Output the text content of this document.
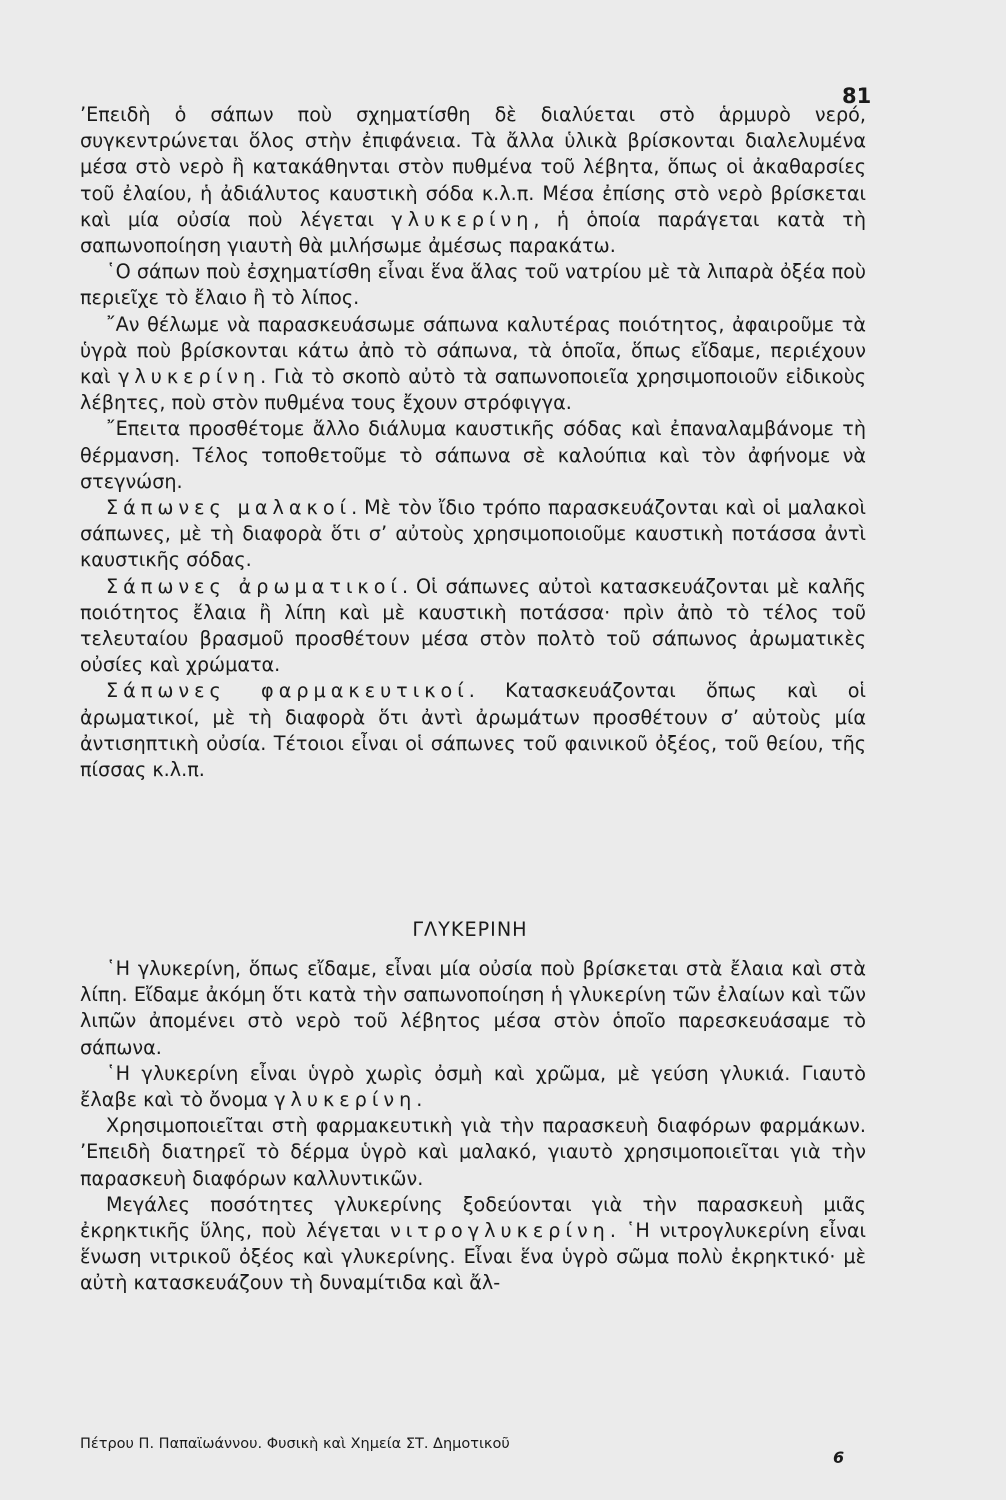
81

’Επειδὴ ὁ σάπων ποὺ σχηματίσθη δὲ διαλύεται στὸ ἁρμυρὸ νερό, συγκεντρώνεται ὅλος στὴν ἐπιφάνεια. Τὰ ἄλλα ὑλικὰ βρίσκονται διαλελυμένα μέσα στὸ νερὸ ἢ κατακάθηνται στὸν πυθμένα τοῦ λέβητα, ὅπως οἱ ἀκαθαρσίες τοῦ ἐλαίου, ἡ ἀδιάλυτος καυστικὴ σόδα κ.λ.π. Μέσα ἐπίσης στὸ νερὸ βρίσκεται καὶ μία οὐσία ποὺ λέγεται γλυκερίνη, ἡ ὁποία παράγεται κατὰ τὴ σαπωνοποίηση γιαυτὴ θὰ μιλήσωμε ἀμέσως παρακάτω.

῾Ο σάπων ποὺ ἐσχηματίσθη εἶναι ἕνα ἅλας τοῦ νατρίου μὲ τὰ λιπαρὰ ὀξέα ποὺ περιεῖχε τὸ ἔλαιο ἢ τὸ λίπος.

῎Αν θέλωμε νὰ παρασκευάσωμε σάπωνα καλυτέρας ποιότητος, ἀφαιροῦμε τὰ ὑγρὰ ποὺ βρίσκονται κάτω ἀπὸ τὸ σάπωνα, τὰ ὁποῖα, ὅπως εἴδαμε, περιέχουν καὶ γλυκερίνη. Γιὰ τὸ σκοπὸ αὐτὸ τὰ σαπωνοποιεῖα χρησιμοποιοῦν εἰδικοὺς λέβητες, ποὺ στὸν πυθμένα τους ἔχουν στρόφιγγα.

῎Επειτα προσθέτομε ἄλλο διάλυμα καυστικῆς σόδας καὶ ἐπαναλαμβάνομε τὴ θέρμανση. Τέλος τοποθετοῦμε τὸ σάπωνα σὲ καλούπια καὶ τὸν ἀφήνομε νὰ στεγνώση.

Σάπωνες μαλακοί. Μὲ τὸν ἴδιο τρόπο παρασκευάζονται καὶ οἱ μαλακοὶ σάπωνες, μὲ τὴ διαφορὰ ὅτι σ’ αὐτοὺς χρησιμοποιοῦμε καυστικὴ ποτάσσα ἀντὶ καυστικῆς σόδας.

Σάπωνες ἀρωματικοί. Οἱ σάπωνες αὐτοὶ κατασκευάζονται μὲ καλῆς ποιότητος ἔλαια ἢ λίπη καὶ μὲ καυστικὴ ποτάσσα· πρὶν ἀπὸ τὸ τέλος τοῦ τελευταίου βρασμοῦ προσθέτουν μέσα στὸν πολτὸ τοῦ σάπωνος ἀρωματικὲς οὐσίες καὶ χρώματα.

Σάπωνες φαρμακευτικοί. Κατασκευάζονται ὅπως καὶ οἱ ἀρωματικοί, μὲ τὴ διαφορὰ ὅτι ἀντὶ ἀρωμάτων προσθέτουν σ’ αὐτοὺς μία ἀντισηπτικὴ οὐσία. Τέτοιοι εἶναι οἱ σάπωνες τοῦ φαινικοῦ ὀξέος, τοῦ θείου, τῆς πίσσας κ.λ.π.

ΓΛΥΚΕΡΙΝΗ

῾Η γλυκερίνη, ὅπως εἴδαμε, εἶναι μία οὐσία ποὺ βρίσκεται στὰ ἔλαια καὶ στὰ λίπη. Εἴδαμε ἀκόμη ὅτι κατὰ τὴν σαπωνοποίηση ἡ γλυκερίνη τῶν ἐλαίων καὶ τῶν λιπῶν ἀπομένει στὸ νερὸ τοῦ λέβητος μέσα στὸν ὁποῖο παρεσκευάσαμε τὸ σάπωνα.

῾Η γλυκερίνη εἶναι ὑγρὸ χωρὶς ὀσμὴ καὶ χρῶμα, μὲ γεύση γλυκιά. Γιαυτὸ ἔλαβε καὶ τὸ ὄνομα γλυκερίνη.

Χρησιμοποιεῖται στὴ φαρμακευτικὴ γιὰ τὴν παρασκευὴ διαφόρων φαρμάκων. ’Επειδὴ διατηρεῖ τὸ δέρμα ὑγρὸ καὶ μαλακό, γιαυτὸ χρησιμοποιεῖται γιὰ τὴν παρασκευὴ διαφόρων καλλυντικῶν.

Μεγάλες ποσότητες γλυκερίνης ξοδεύονται γιὰ τὴν παρασκευὴ μιᾶς ἐκρηκτικῆς ὕλης, ποὺ λέγεται νιτρογλυκερίνη. ῾Η νιτρογλυκερίνη εἶναι ἕνωση νιτρικοῦ ὀξέος καὶ γλυκερίνης. Εἶναι ἕνα ὑγρὸ σῶμα πολὺ ἐκρηκτικό· μὲ αὐτὴ κατασκευάζουν τὴ δυναμίτιδα καὶ ἄλ-

Πέτρου Π. Παπαϊωάννου. Φυσικὴ καὶ Χημεία ΣΤ. Δημοτικοῦ
6
